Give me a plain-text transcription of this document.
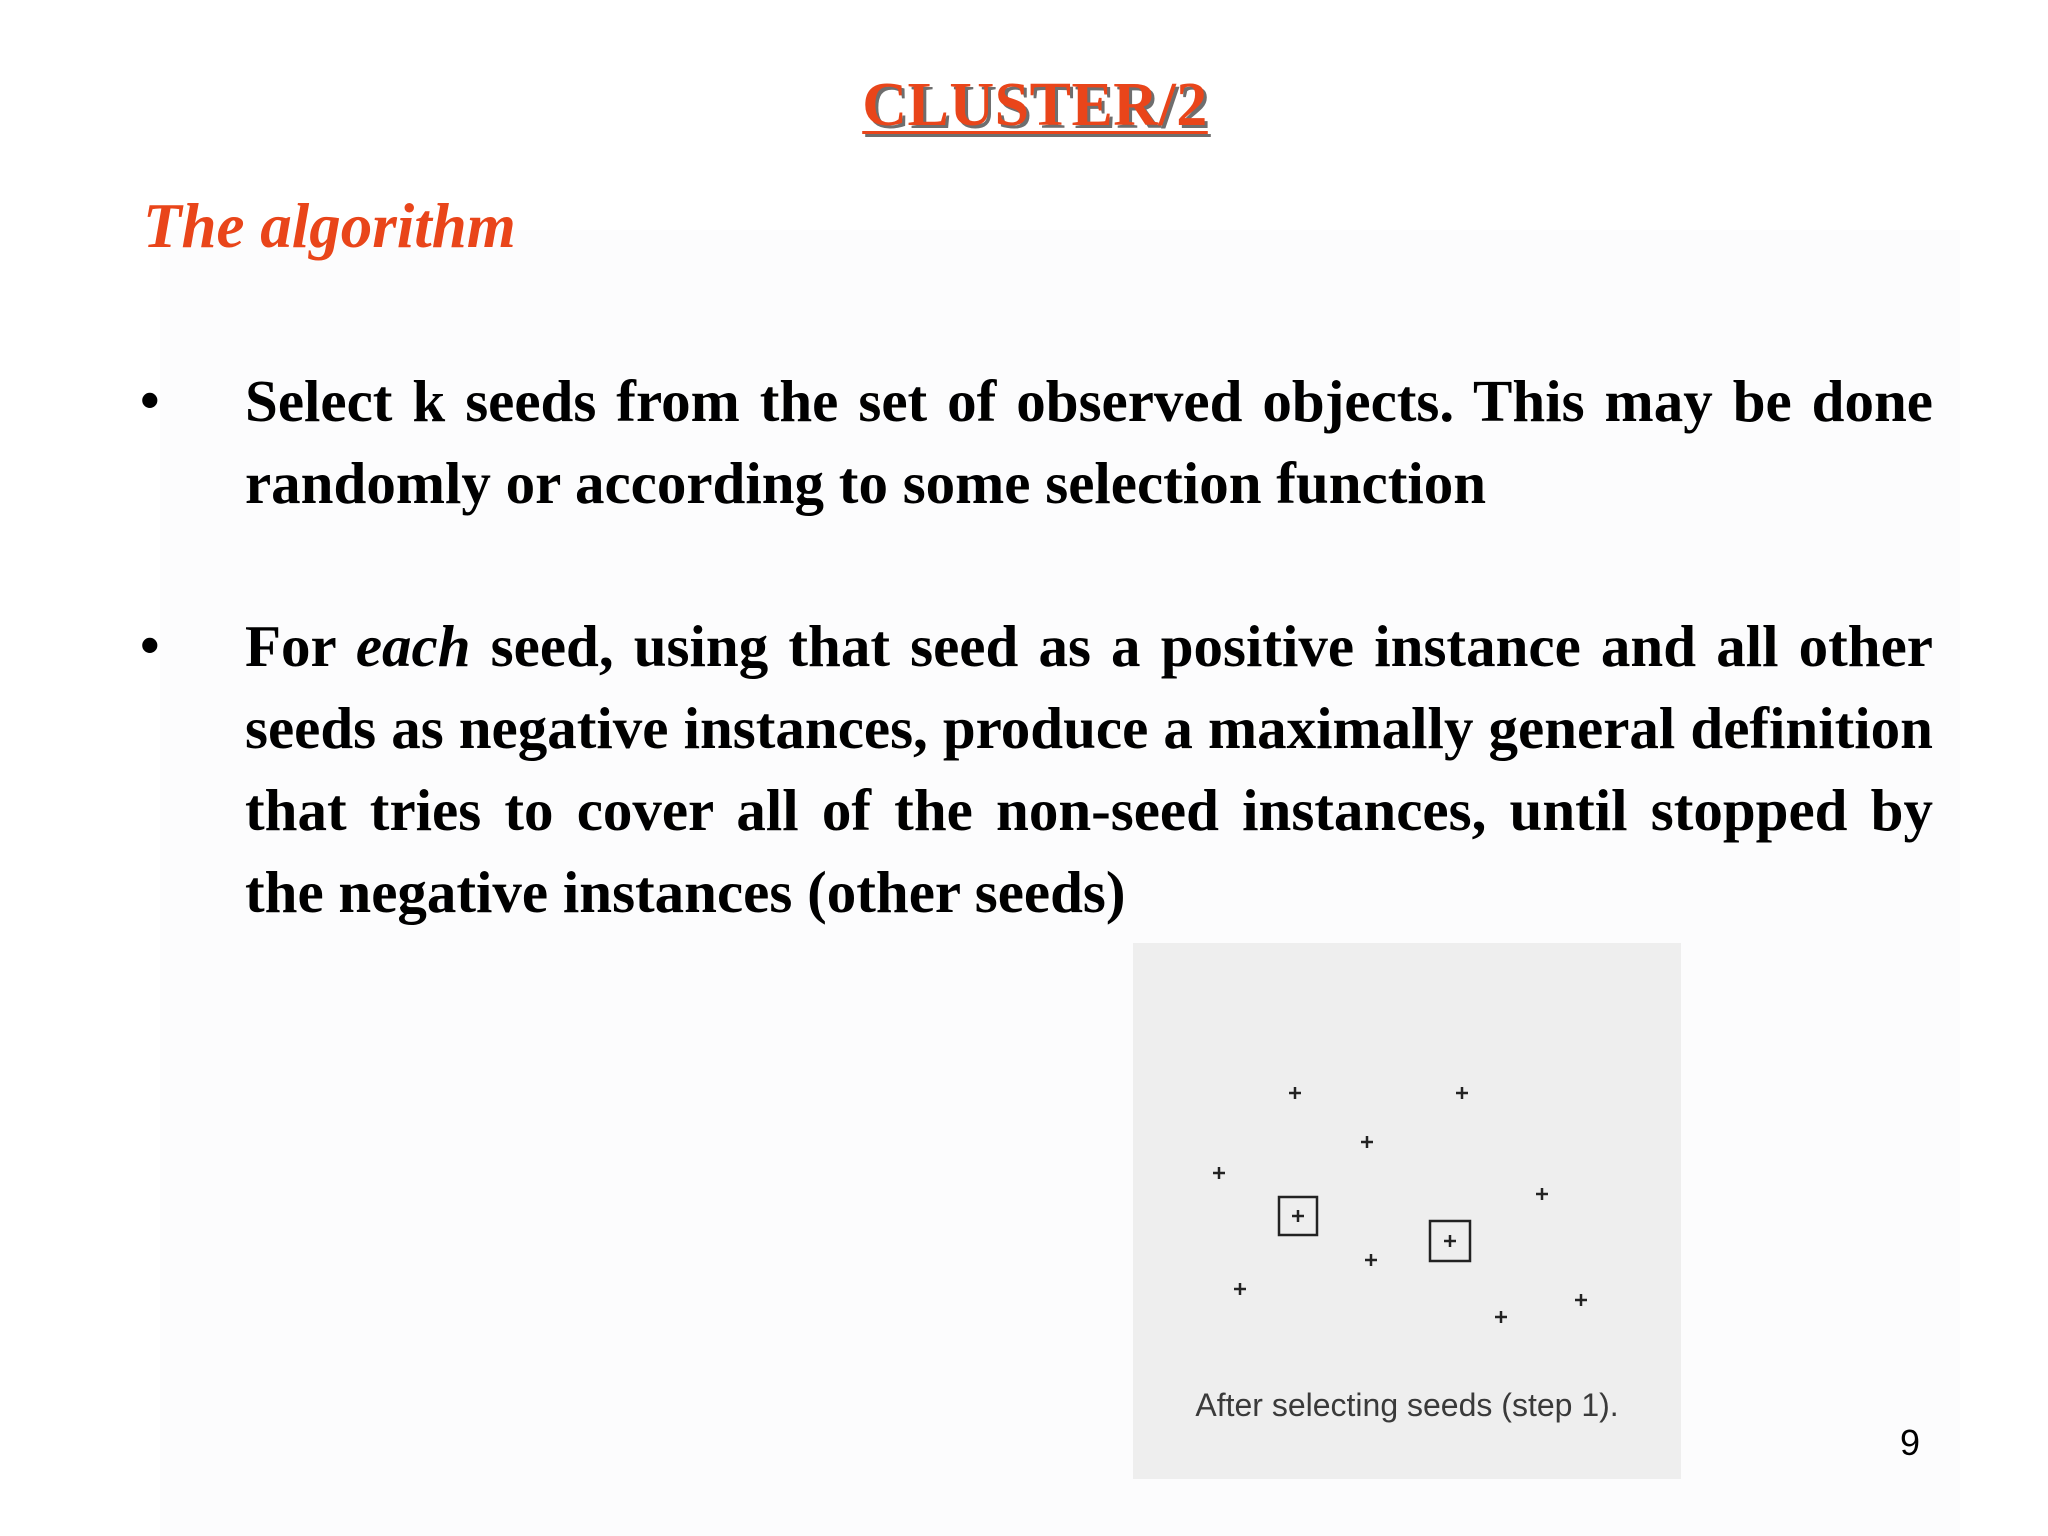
CLUSTER/2
The algorithm
• Select k seeds from the set of observed objects. This may be done randomly or according to some selection function
• For each seed, using that seed as a positive instance and all other seeds as negative instances, produce a maximally general definition that tries to cover all of the non-seed instances, until stopped by the negative instances (other seeds)
After selecting seeds (step 1).
9
